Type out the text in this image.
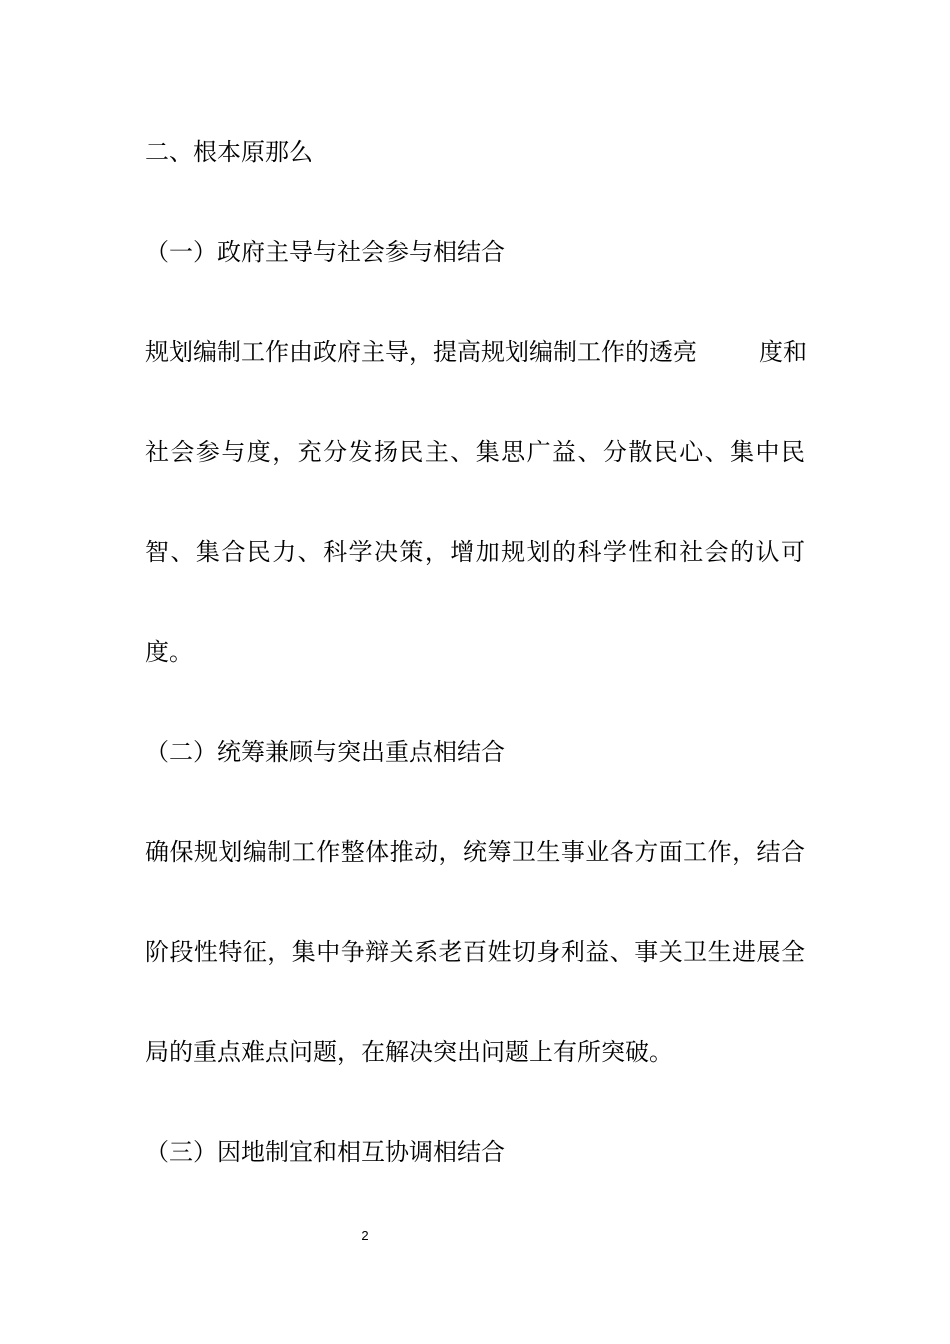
二、根本原那么
（一）政府主导与社会参与相结合
规划编制工作由政府主导，提高规划编制工作的透亮	度和
社会参与度，充分发扬民主、集思广益、分散民心、集中民
智、集合民力、科学决策，增加规划的科学性和社会的认可
度。
（二）统筹兼顾与突出重点相结合
确保规划编制工作整体推动，统筹卫生事业各方面工作，结合
阶段性特征，集中争辩关系老百姓切身利益、事关卫生进展全
局的重点难点问题，在解决突出问题上有所突破。
（三）因地制宜和相互协调相结合
2
